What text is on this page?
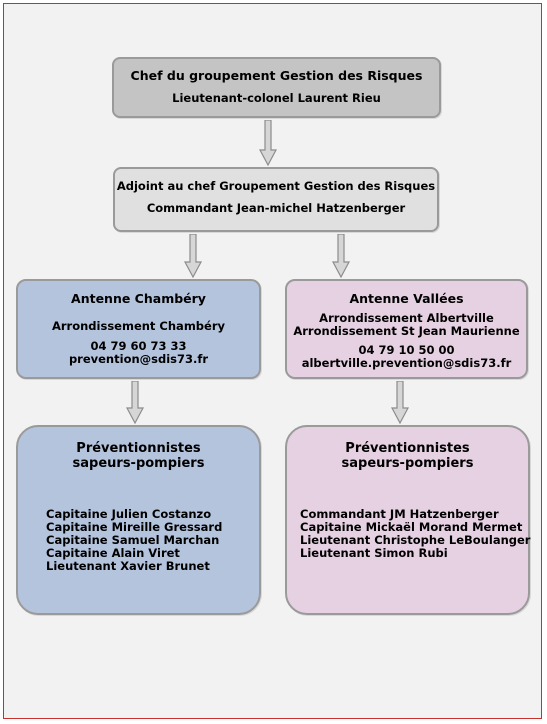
Chef du groupement Gestion des Risques
Lieutenant-colonel Laurent Rieu
Adjoint au chef Groupement Gestion des Risques
Commandant Jean-michel Hatzenberger
Antenne Chambéry
Arrondissement Chambéry
04 79 60 73 33
prevention@sdis73.fr
Antenne Vallées
Arrondissement Albertville
Arrondissement St Jean Maurienne
04 79 10 50 00
albertville.prevention@sdis73.fr
Préventionnistes
sapeurs-pompiers
Capitaine Julien Costanzo
Capitaine Mireille Gressard
Capitaine Samuel Marchan
Capitaine Alain Viret
Lieutenant Xavier Brunet
Préventionnistes
sapeurs-pompiers
Commandant JM Hatzenberger
Capitaine Mickaël Morand Mermet
Lieutenant Christophe LeBoulanger
Lieutenant Simon Rubi
